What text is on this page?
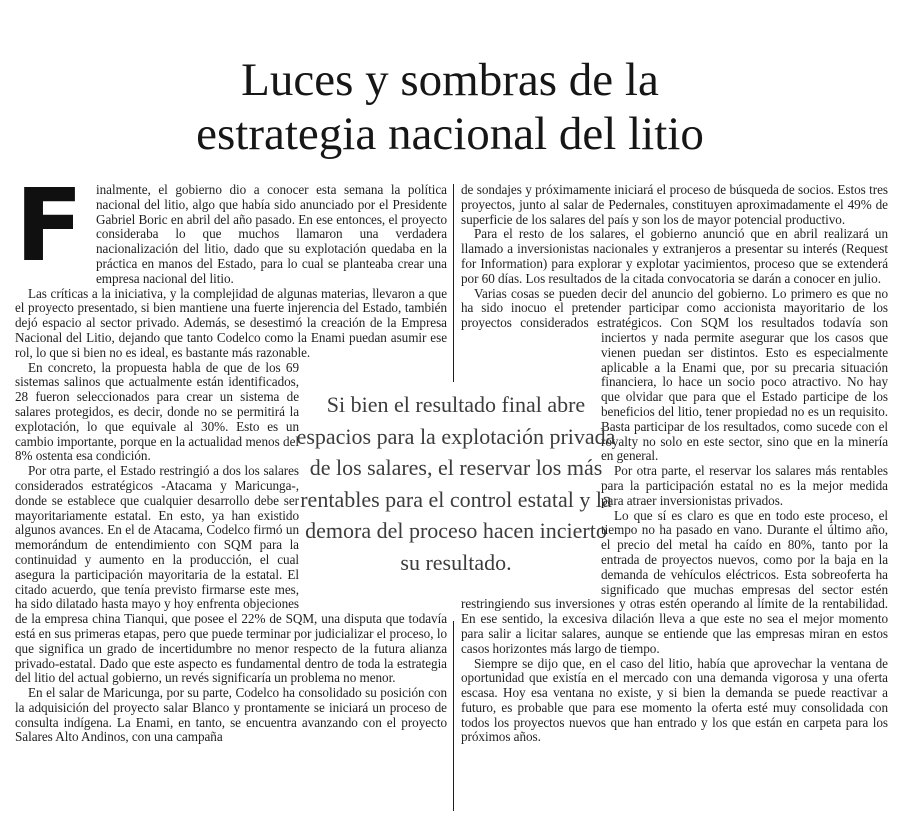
Luces y sombras de la
estrategia nacional del litio

Finalmente, el gobierno dio a conocer esta semana la política nacional del litio, algo que había sido anunciado por el Presidente Gabriel Boric en abril del año pasado. En ese entonces, el proyecto consideraba lo que muchos llamaron una verdadera nacionalización del litio, dado que su explotación quedaba en la práctica en manos del Estado, para lo cual se planteaba crear una empresa nacional del litio.

Las críticas a la iniciativa, y la complejidad de algunas materias, llevaron a que el proyecto presentado, si bien mantiene una fuerte injerencia del Estado, también dejó espacio al sector privado. Además, se desestimó la creación de la Empresa Nacional del Litio, dejando que tanto Codelco como la Enami puedan asumir ese rol, lo que si bien no es ideal, es bastante más razonable.

En concreto, la propuesta habla de que de los 69 sistemas salinos que actualmente están identificados, 28 fueron seleccionados para crear un sistema de salares protegidos, es decir, donde no se permitirá la explotación, lo que equivale al 30%. Esto es un cambio importante, porque en la actualidad menos del 8% ostenta esa condición.

Por otra parte, el Estado restringió a dos los salares considerados estratégicos -Atacama y Maricunga-, donde se establece que cualquier desarrollo debe ser mayoritariamente estatal. En esto, ya han existido algunos avances. En el de Atacama, Codelco firmó un memorándum de entendimiento con SQM para la continuidad y aumento en la producción, el cual asegura la participación mayoritaria de la estatal. El citado acuerdo, que tenía previsto firmarse este mes, ha sido dilatado hasta mayo y hoy enfrenta objeciones de la empresa china Tianqui, que posee el 22% de SQM, una disputa que todavía está en sus primeras etapas, pero que puede terminar por judicializar el proceso, lo que significa un grado de incertidumbre no menor respecto de la futura alianza privado-estatal. Dado que este aspecto es fundamental dentro de toda la estrategia del litio del actual gobierno, un revés significaría un problema no menor.

En el salar de Maricunga, por su parte, Codelco ha consolidado su posición con la adquisición del proyecto salar Blanco y prontamente se iniciará un proceso de consulta indígena. La Enami, en tanto, se encuentra avanzando con el proyecto Salares Alto Andinos, con una campaña

de sondajes y próximamente iniciará el proceso de búsqueda de socios. Estos tres proyectos, junto al salar de Pedernales, constituyen aproximadamente el 49% de superficie de los salares del país y son los de mayor potencial productivo.

Para el resto de los salares, el gobierno anunció que en abril realizará un llamado a inversionistas nacionales y extranjeros a presentar su interés (Request for Information) para explorar y explotar yacimientos, proceso que se extenderá por 60 días. Los resultados de la citada convocatoria se darán a conocer en julio.

Varias cosas se pueden decir del anuncio del gobierno. Lo primero es que no ha sido inocuo el pretender participar como accionista mayoritario de los proyectos considerados estratégicos. Con SQM los resultados todavía son inciertos y nada permite asegurar que los casos que vienen puedan ser distintos. Esto es especialmente aplicable a la Enami que, por su precaria situación financiera, lo hace un socio poco atractivo. No hay que olvidar que para que el Estado participe de los beneficios del litio, tener propiedad no es un requisito. Basta participar de los resultados, como sucede con el royalty no solo en este sector, sino que en la minería en general.

Por otra parte, el reservar los salares más rentables para la participación estatal no es la mejor medida para atraer inversionistas privados.

Lo que sí es claro es que en todo este proceso, el tiempo no ha pasado en vano. Durante el último año, el precio del metal ha caído en 80%, tanto por la entrada de proyectos nuevos, como por la baja en la demanda de vehículos eléctricos. Esta sobreoferta ha significado que muchas empresas del sector estén restringiendo sus inversiones y otras estén operando al límite de la rentabilidad. En ese sentido, la excesiva dilación lleva a que este no sea el mejor momento para salir a licitar salares, aunque se entiende que las empresas miran en estos casos horizontes más largo de tiempo.

Siempre se dijo que, en el caso del litio, había que aprovechar la ventana de oportunidad que existía en el mercado con una demanda vigorosa y una oferta escasa. Hoy esa ventana no existe, y si bien la demanda se puede reactivar a futuro, es probable que para ese momento la oferta esté muy consolidada con todos los proyectos nuevos que han entrado y los que están en carpeta para los próximos años.

Si bien el resultado final abre espacios para la explotación privada de los salares, el reservar los más rentables para el control estatal y la demora del proceso hacen incierto su resultado.
